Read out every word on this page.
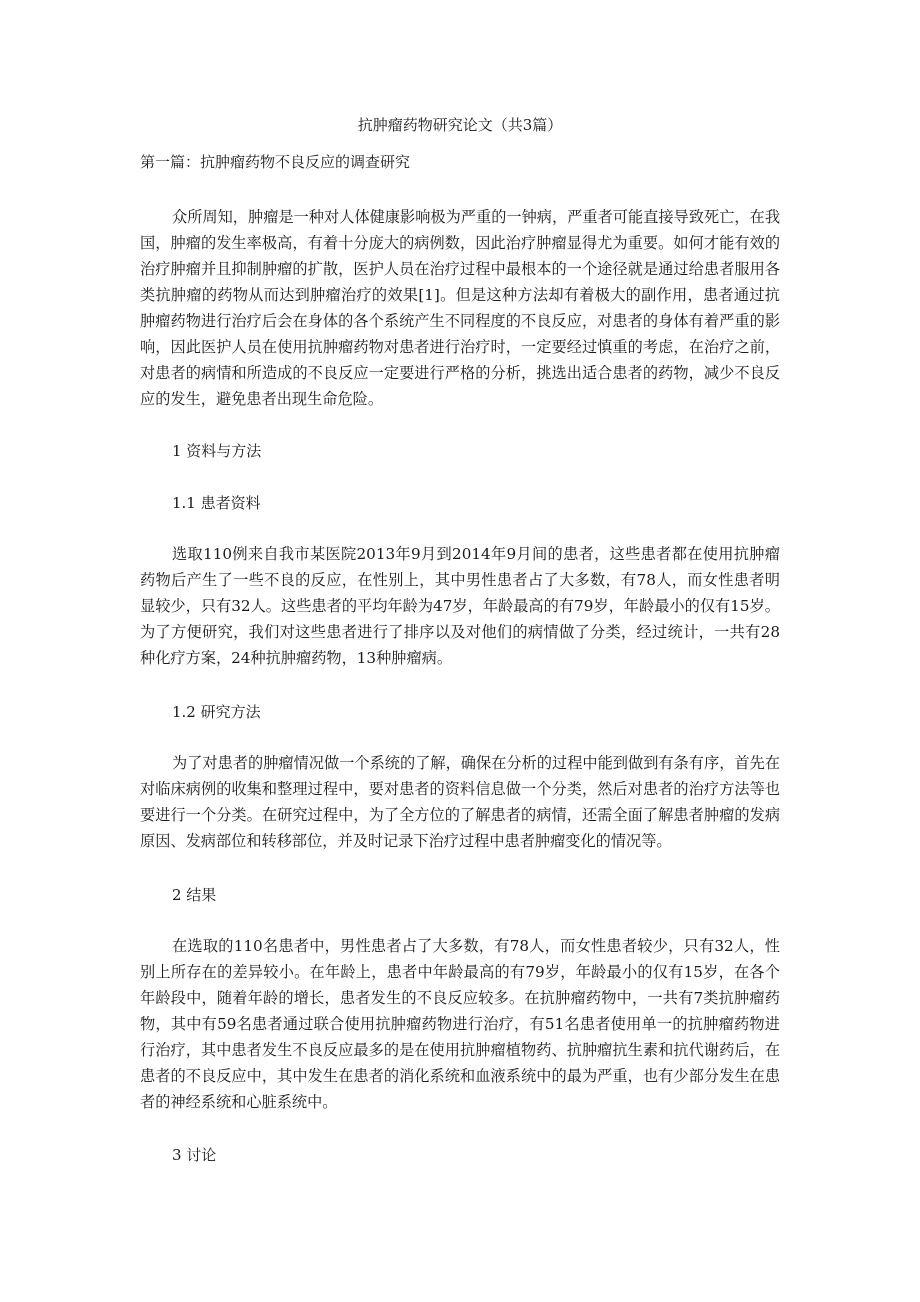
抗肿瘤药物研究论文（共3篇）
第一篇：抗肿瘤药物不良反应的调查研究

众所周知，肿瘤是一种对人体健康影响极为严重的一钟病，严重者可能直接导致死亡，在我国，肿瘤的发生率极高，有着十分庞大的病例数，因此治疗肿瘤显得尤为重要。如何才能有效的治疗肿瘤并且抑制肿瘤的扩散，医护人员在治疗过程中最根本的一个途径就是通过给患者服用各类抗肿瘤的药物从而达到肿瘤治疗的效果[1]。但是这种方法却有着极大的副作用，患者通过抗肿瘤药物进行治疗后会在身体的各个系统产生不同程度的不良反应，对患者的身体有着严重的影响，因此医护人员在使用抗肿瘤药物对患者进行治疗时，一定要经过慎重的考虑，在治疗之前，对患者的病情和所造成的不良反应一定要进行严格的分析，挑选出适合患者的药物，减少不良反应的发生，避免患者出现生命危险。

1 资料与方法
1.1 患者资料

选取110例来自我市某医院2013年9月到2014年9月间的患者，这些患者都在使用抗肿瘤药物后产生了一些不良的反应，在性别上，其中男性患者占了大多数，有78人，而女性患者明显较少，只有32人。这些患者的平均年龄为47岁，年龄最高的有79岁，年龄最小的仅有15岁。为了方便研究，我们对这些患者进行了排序以及对他们的病情做了分类，经过统计，一共有28种化疗方案，24种抗肿瘤药物，13种肿瘤病。

1.2 研究方法

为了对患者的肿瘤情况做一个系统的了解，确保在分析的过程中能到做到有条有序，首先在对临床病例的收集和整理过程中，要对患者的资料信息做一个分类，然后对患者的治疗方法等也要进行一个分类。在研究过程中，为了全方位的了解患者的病情，还需全面了解患者肿瘤的发病原因、发病部位和转移部位，并及时记录下治疗过程中患者肿瘤变化的情况等。

2 结果

在选取的110名患者中，男性患者占了大多数，有78人，而女性患者较少，只有32人，性别上所存在的差异较小。在年龄上，患者中年龄最高的有79岁，年龄最小的仅有15岁，在各个年龄段中，随着年龄的增长，患者发生的不良反应较多。在抗肿瘤药物中，一共有7类抗肿瘤药物，其中有59名患者通过联合使用抗肿瘤药物进行治疗，有51名患者使用单一的抗肿瘤药物进行治疗，其中患者发生不良反应最多的是在使用抗肿瘤植物药、抗肿瘤抗生素和抗代谢药后，在患者的不良反应中，其中发生在患者的消化系统和血液系统中的最为严重，也有少部分发生在患者的神经系统和心脏系统中。

3 讨论
